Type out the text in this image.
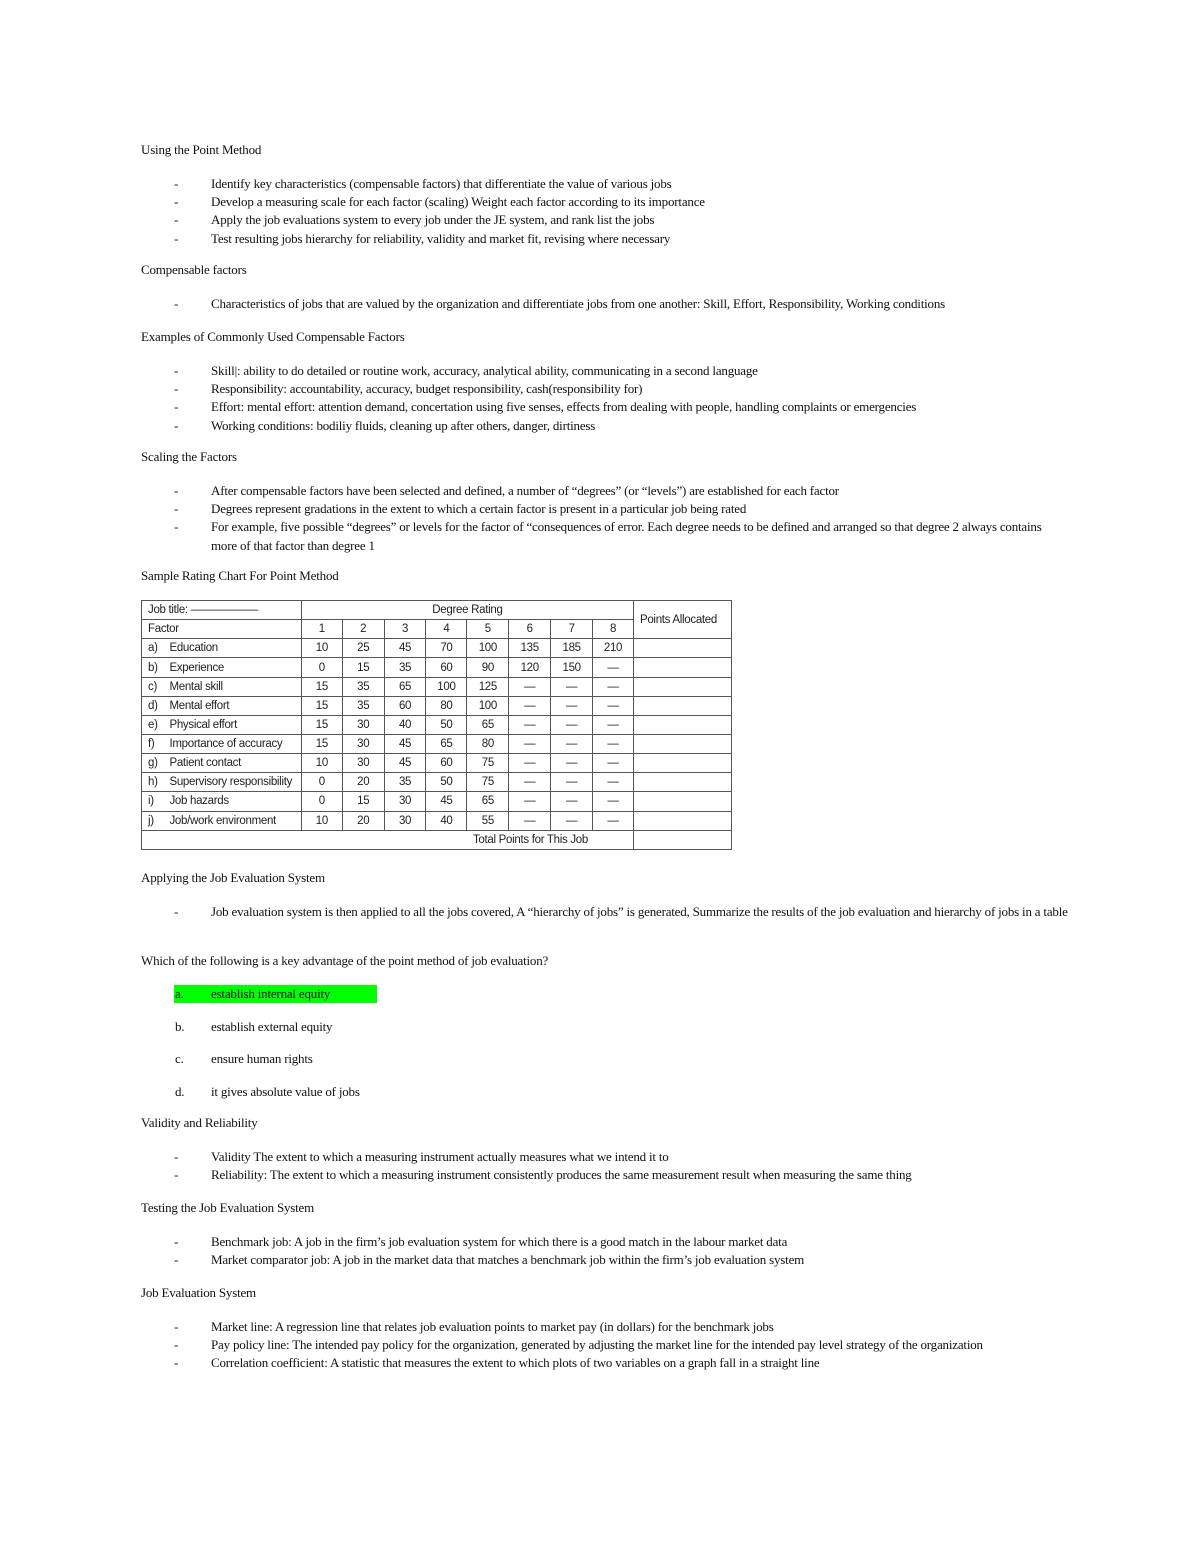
Using the Point Method

-	Identify key characteristics (compensable factors) that differentiate the value of various jobs
-	Develop a measuring scale for each factor (scaling) Weight each factor according to its importance
-	Apply the job evaluations system to every job under the JE system, and rank list the jobs
-	Test resulting jobs hierarchy for reliability, validity and market fit, revising where necessary

Compensable factors

-	Characteristics of jobs that are valued by the organization and differentiate jobs from one another: Skill, Effort, Responsibility, Working conditions

Examples of Commonly Used Compensable Factors

-	Skill|: ability to do detailed or routine work, accuracy, analytical ability, communicating in a second language
-	Responsibility: accountability, accuracy, budget responsibility, cash(responsibility for)
-	Effort: mental effort: attention demand, concertation using five senses, effects from dealing with people, handling complaints or emergencies
-	Working conditions: bodiliy fluids, cleaning up after others, danger, dirtiness

Scaling the Factors

-	After compensable factors have been selected and defined, a number of “degrees” (or “levels”) are established for each factor
-	Degrees represent gradations in the extent to which a certain factor is present in a particular job being rated
-	For example, five possible “degrees” or levels for the factor of “consequences of error. Each degree needs to be defined and arranged so that degree 2 always contains more of that factor than degree 1

Sample Rating Chart For Point Method

Job title: ——————		Degree Rating								Points Allocated
Factor		1	2	3	4	5	6	7	8	
a)	Education	10	25	45	70	100	135	185	210	
b)	Experience	0	15	35	60	90	120	150	—	
c)	Mental skill	15	35	65	100	125	—	—	—	
d)	Mental effort	15	35	60	80	100	—	—	—	
e)	Physical effort	15	30	40	50	65	—	—	—	
f)	Importance of accuracy	15	30	45	65	80	—	—	—	
g)	Patient contact	10	30	45	60	75	—	—	—	
h)	Supervisory responsibility	0	20	35	50	75	—	—	—	
i)	Job hazards	0	15	30	45	65	—	—	—	
j)	Job/work environment	10	20	30	40	55	—	—	—	
Total Points for This Job										

Applying the Job Evaluation System

-	Job evaluation system is then applied to all the jobs covered, A “hierarchy of jobs” is generated, Summarize the results of the job evaluation and hierarchy of jobs in a table

Which of the following is a key advantage of the point method of job evaluation?

a. establish internal equity
b. establish external equity
c. ensure human rights
d. it gives absolute value of jobs

Validity and Reliability

-	Validity The extent to which a measuring instrument actually measures what we intend it to
-	Reliability: The extent to which a measuring instrument consistently produces the same measurement result when measuring the same thing

Testing the Job Evaluation System

-	Benchmark job: A job in the firm’s job evaluation system for which there is a good match in the labour market data
-	Market comparator job: A job in the market data that matches a benchmark job within the firm’s job evaluation system

Job Evaluation System

-	Market line: A regression line that relates job evaluation points to market pay (in dollars) for the benchmark jobs
-	Pay policy line: The intended pay policy for the organization, generated by adjusting the market line for the intended pay level strategy of the organization
-	Correlation coefficient: A statistic that measures the extent to which plots of two variables on a graph fall in a straight line
